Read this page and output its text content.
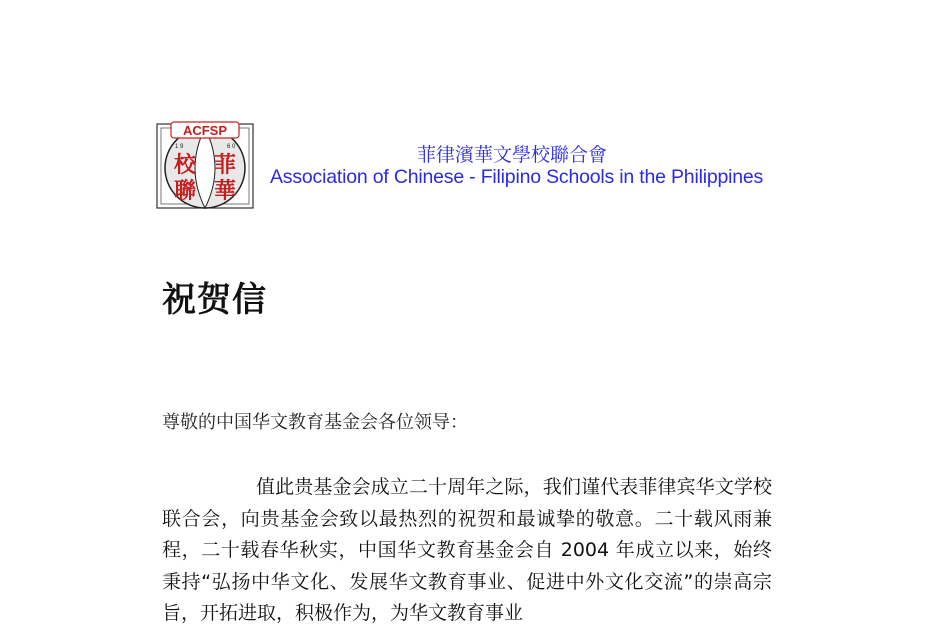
ACFSP
1 9	6 0
校 菲
聯 華
菲律濱華文學校聯合會
Association of Chinese - Filipino Schools in the Philippines
祝贺信

尊敬的中国华文教育基金会各位领导：

值此贵基金会成立二十周年之际，我们谨代表菲律宾华文学校联合会，向贵基金会致以最热烈的祝贺和最诚挚的敬意。二十载风雨兼程，二十载春华秋实，中国华文教育基金会自 2004 年成立以来，始终秉持“弘扬中华文化、发展华文教育事业、促进中外文化交流”的崇高宗旨，开拓进取，积极作为，为华文教育事业
